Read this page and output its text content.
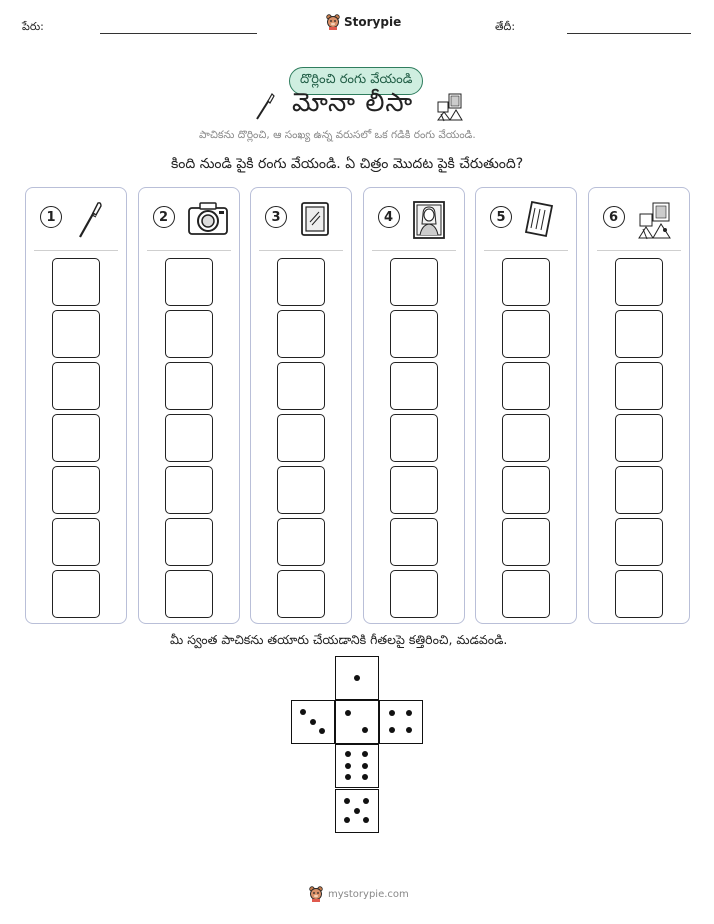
పేరు:	Storypie	తేదీ:
దొర్లించి రంగు వేయండి
మోనా లీసా
పాచికను దొర్లించి, ఆ సంఖ్య ఉన్న వరుసలో ఒక గడికి రంగు వేయండి.
కింది నుండి పైకి రంగు వేయండి. ఏ చిత్రం మొదట పైకి చేరుతుంది?
1	2	3	4	5	6
మీ స్వంత పాచికను తయారు చేయడానికి గీతలపై కత్తిరించి, మడవండి.
mystorypie.com
